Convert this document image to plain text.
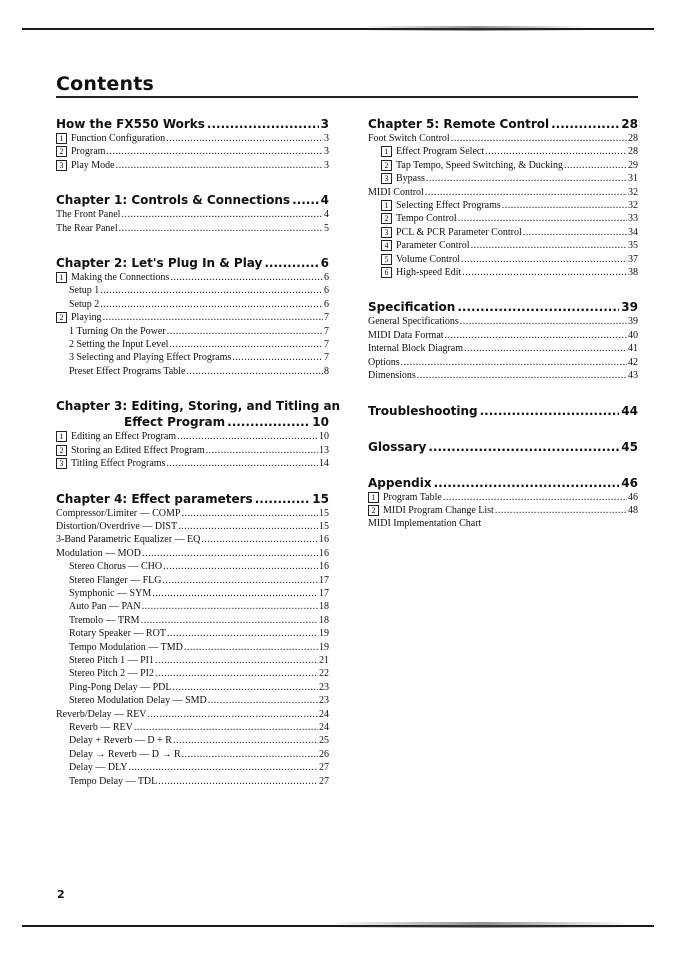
Contents
How the FX550 Works .....	3
1 Function Configuration .....	3
2 Program .....	3
3 Play Mode .....	3
Chapter 1: Controls & Connections .....	4
The Front Panel .....	4
The Rear Panel .....	5
Chapter 2: Let's Plug In & Play .....	6
1 Making the Connections .....	6
Setup 1 .....	6
Setup 2 .....	6
2 Playing .....	7
1 Turning On the Power .....	7
2 Setting the Input Level .....	7
3 Selecting and Playing Effect Programs .....	7
Preset Effect Programs Table .....	8
Chapter 3: Editing, Storing, and Titling an
Effect Program .....	10
1 Editing an Effect Program .....	10
2 Storing an Edited Effect Program .....	13
3 Titling Effect Programs .....	14
Chapter 4: Effect parameters .....	15
Compressor/Limiter — COMP .....	15
Distortion/Overdrive — DIST .....	15
3-Band Parametric Equalizer — EQ .....	16
Modulation — MOD .....	16
Stereo Chorus — CHO .....	16
Stereo Flanger — FLG .....	17
Symphonic — SYM .....	17
Auto Pan — PAN .....	18
Tremolo — TRM .....	18
Rotary Speaker — ROT .....	19
Tempo Modulation — TMD .....	19
Stereo Pitch 1 — PI1 .....	21
Stereo Pitch 2 — PI2 .....	22
Ping-Pong Delay — PDL .....	23
Stereo Modulation Delay — SMD .....	23
Reverb/Delay — REV .....	24
Reverb — REV .....	24
Delay + Reverb — D + R .....	25
Delay → Reverb — D → R .....	26
Delay — DLY .....	27
Tempo Delay — TDL .....	27
Chapter 5: Remote Control .....	28
Foot Switch Control .....	28
1 Effect Program Select .....	28
2 Tap Tempo, Speed Switching, & Ducking .....	29
3 Bypass .....	31
MIDI Control .....	32
1 Selecting Effect Programs .....	32
2 Tempo Control .....	33
3 PCL & PCR Parameter Control .....	34
4 Parameter Control .....	35
5 Volume Control .....	37
6 High-speed Edit .....	38
Specification .....	39
General Specifications .....	39
MIDI Data Format .....	40
Internal Block Diagram .....	41
Options .....	42
Dimensions .....	43
Troubleshooting .....	44
Glossary .....	45
Appendix .....	46
1 Program Table .....	46
2 MIDI Program Change List .....	48
MIDI Implementation Chart
2
